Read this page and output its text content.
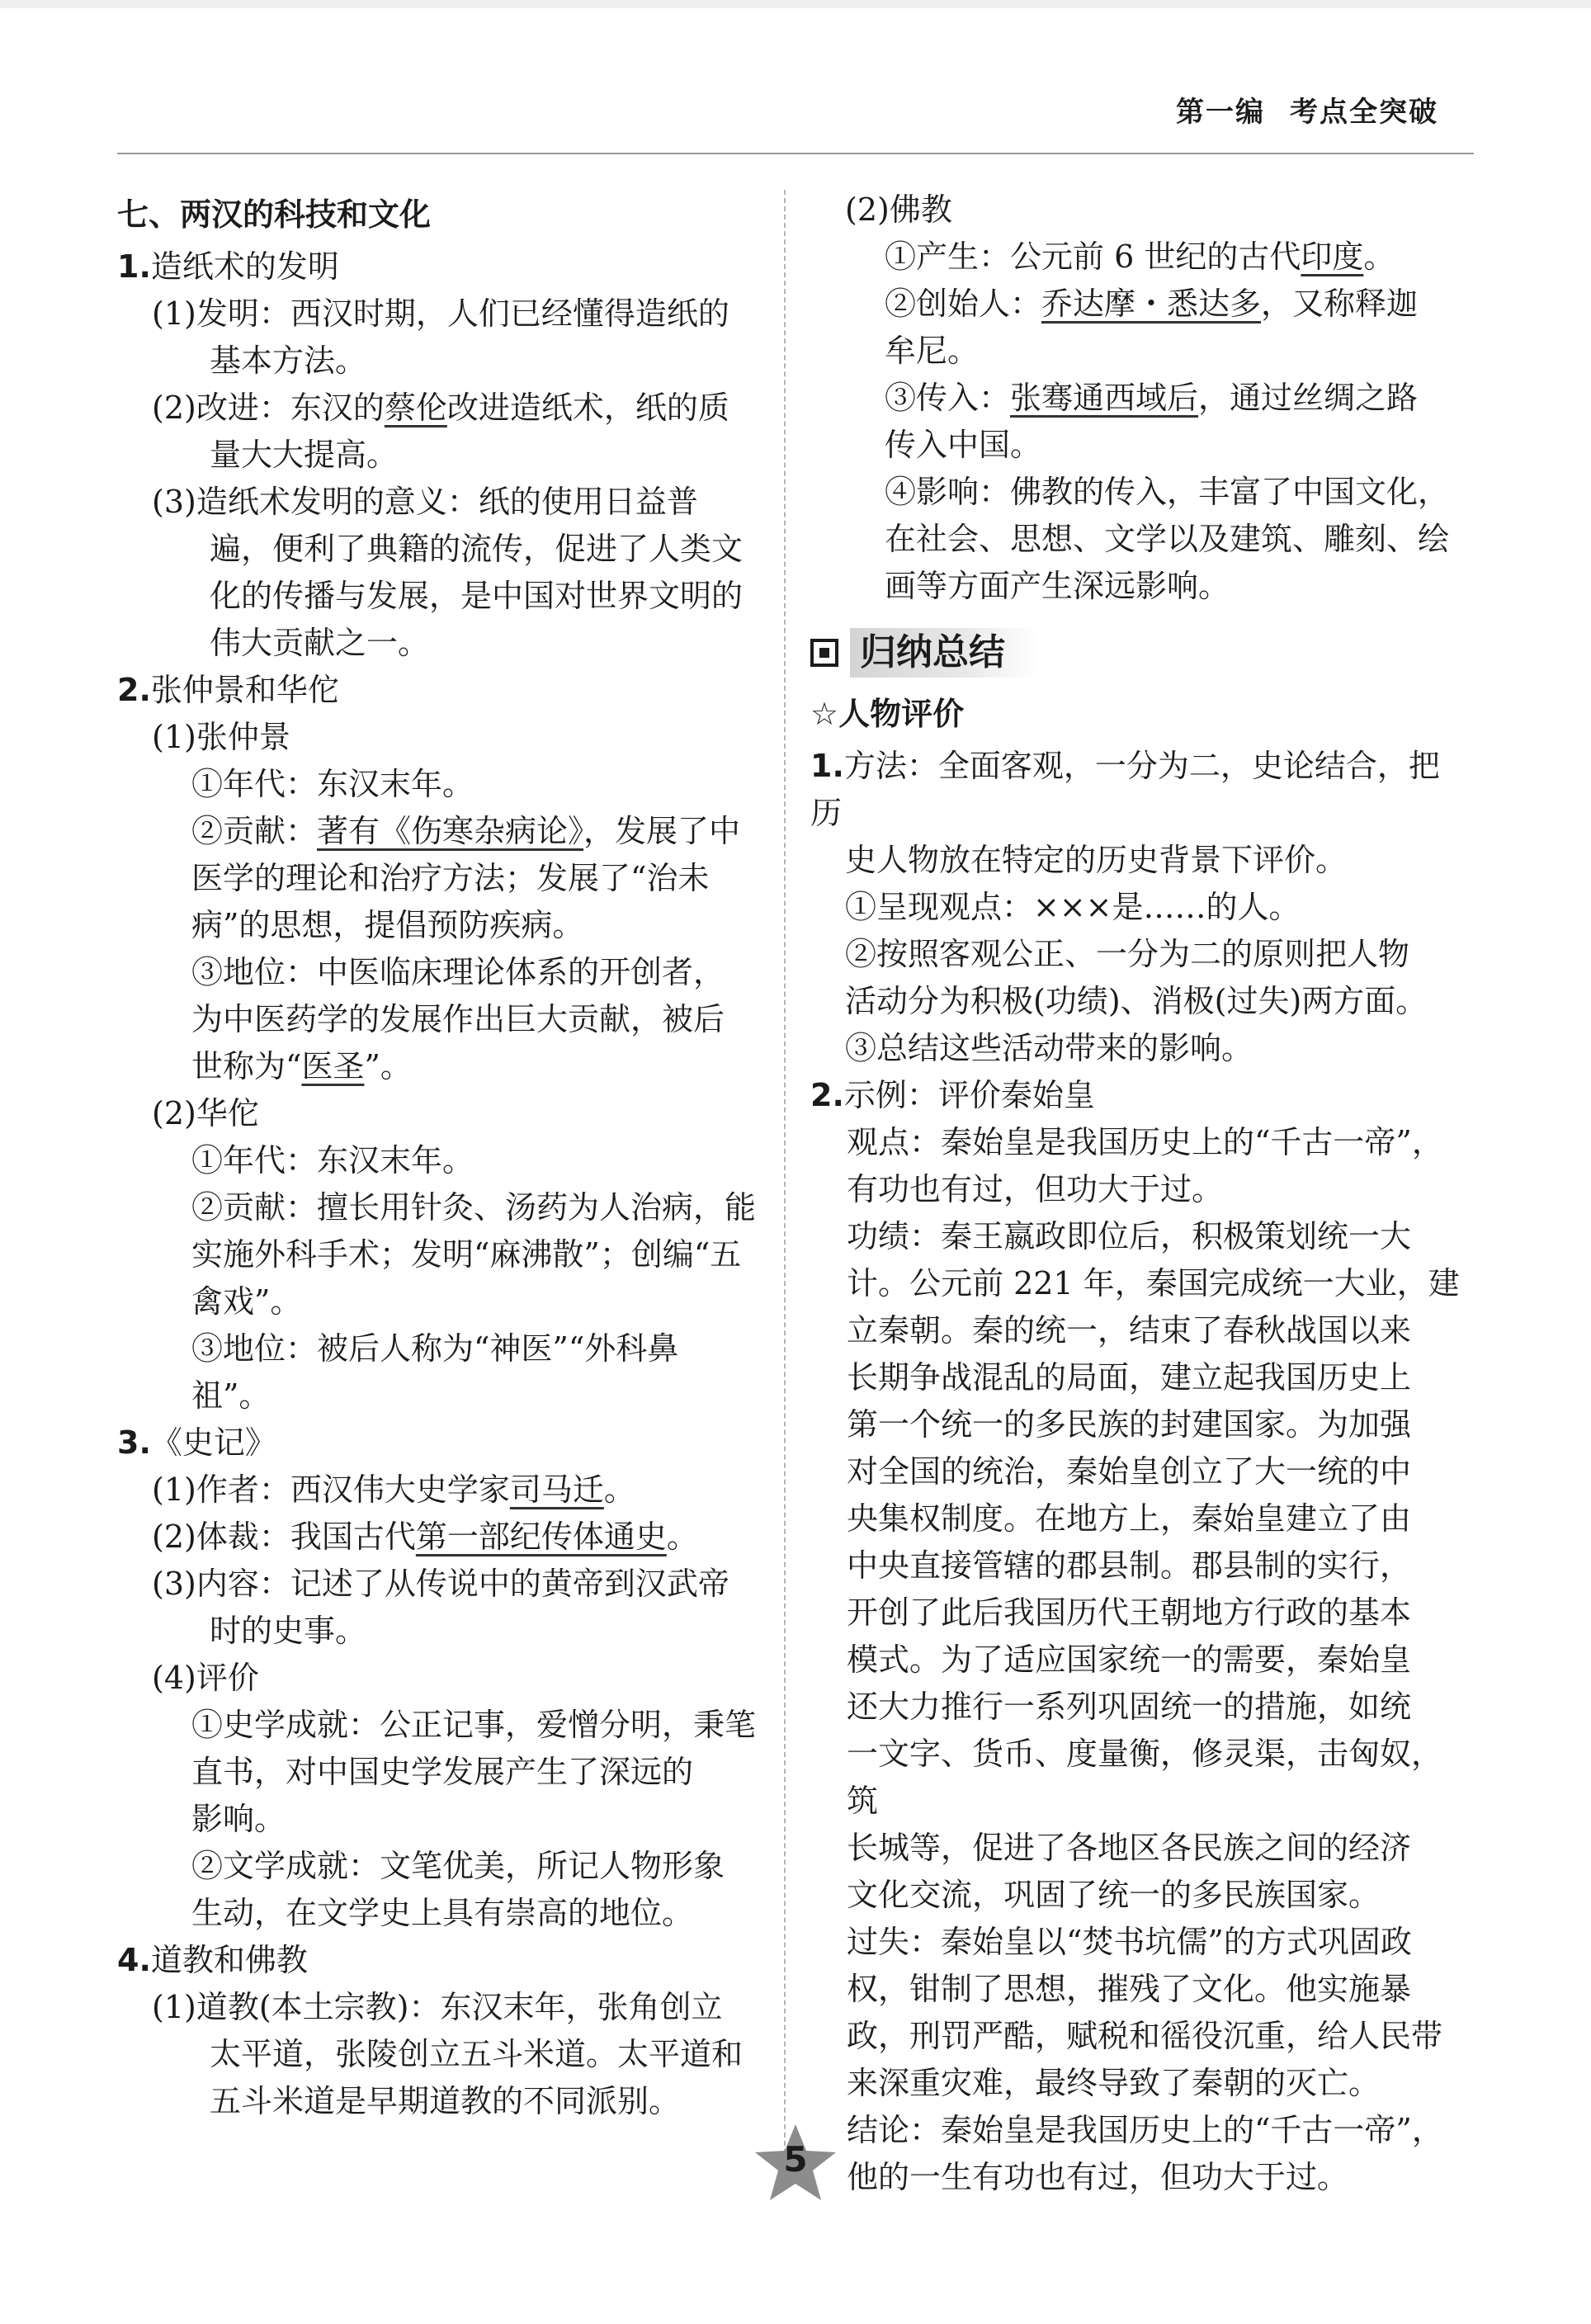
第一编 考点全突破

七、两汉的科技和文化

1.造纸术的发明

(1)发明：西汉时期，人们已经懂得造纸的

基本方法。

(2)改进：东汉的蔡伦改进造纸术，纸的质

量大大提高。

(3)造纸术发明的意义：纸的使用日益普

遍，便利了典籍的流传，促进了人类文

化的传播与发展，是中国对世界文明的

伟大贡献之一。

2.张仲景和华佗

(1)张仲景

①年代：东汉末年。

②贡献：著有《伤寒杂病论》，发展了中

医学的理论和治疗方法；发展了“治未

病”的思想，提倡预防疾病。

③地位：中医临床理论体系的开创者，

为中医药学的发展作出巨大贡献，被后

世称为“医圣”。

(2)华佗

①年代：东汉末年。

②贡献：擅长用针灸、汤药为人治病，能

实施外科手术；发明“麻沸散”；创编“五

禽戏”。

③地位：被后人称为“神医”“外科鼻祖”。

3.《史记》

(1)作者：西汉伟大史学家司马迁。

(2)体裁：我国古代第一部纪传体通史。

(3)内容：记述了从传说中的黄帝到汉武帝

时的史事。

(4)评价

①史学成就：公正记事，爱憎分明，秉笔

直书，对中国史学发展产生了深远的

影响。

②文学成就：文笔优美，所记人物形象

生动，在文学史上具有崇高的地位。

4.道教和佛教

(1)道教(本土宗教)：东汉末年，张角创立

太平道，张陵创立五斗米道。太平道和

五斗米道是早期道教的不同派别。

(2)佛教

①产生：公元前 6 世纪的古代印度。

②创始人：乔达摩・悉达多，又称释迦

牟尼。

③传入：张骞通西域后，通过丝绸之路

传入中国。

④影响：佛教的传入，丰富了中国文化，

在社会、思想、文学以及建筑、雕刻、绘

画等方面产生深远影响。

归纳总结

☆人物评价

1.方法：全面客观，一分为二，史论结合，把历

史人物放在特定的历史背景下评价。

①呈现观点：×××是……的人。

②按照客观公正、一分为二的原则把人物

活动分为积极(功绩)、消极(过失)两方面。

③总结这些活动带来的影响。

2.示例：评价秦始皇

观点：秦始皇是我国历史上的“千古一帝”，

有功也有过，但功大于过。

功绩：秦王嬴政即位后，积极策划统一大

计。公元前 221 年，秦国完成统一大业，建

立秦朝。秦的统一，结束了春秋战国以来

长期争战混乱的局面，建立起我国历史上

第一个统一的多民族的封建国家。为加强

对全国的统治，秦始皇创立了大一统的中

央集权制度。在地方上，秦始皇建立了由

中央直接管辖的郡县制。郡县制的实行，

开创了此后我国历代王朝地方行政的基本

模式。为了适应国家统一的需要，秦始皇

还大力推行一系列巩固统一的措施，如统

一文字、货币、度量衡，修灵渠，击匈奴，筑

长城等，促进了各地区各民族之间的经济

文化交流，巩固了统一的多民族国家。

过失：秦始皇以“焚书坑儒”的方式巩固政

权，钳制了思想，摧残了文化。他实施暴

政，刑罚严酷，赋税和徭役沉重，给人民带

来深重灾难，最终导致了秦朝的灭亡。

结论：秦始皇是我国历史上的“千古一帝”，

他的一生有功也有过，但功大于过。

5
